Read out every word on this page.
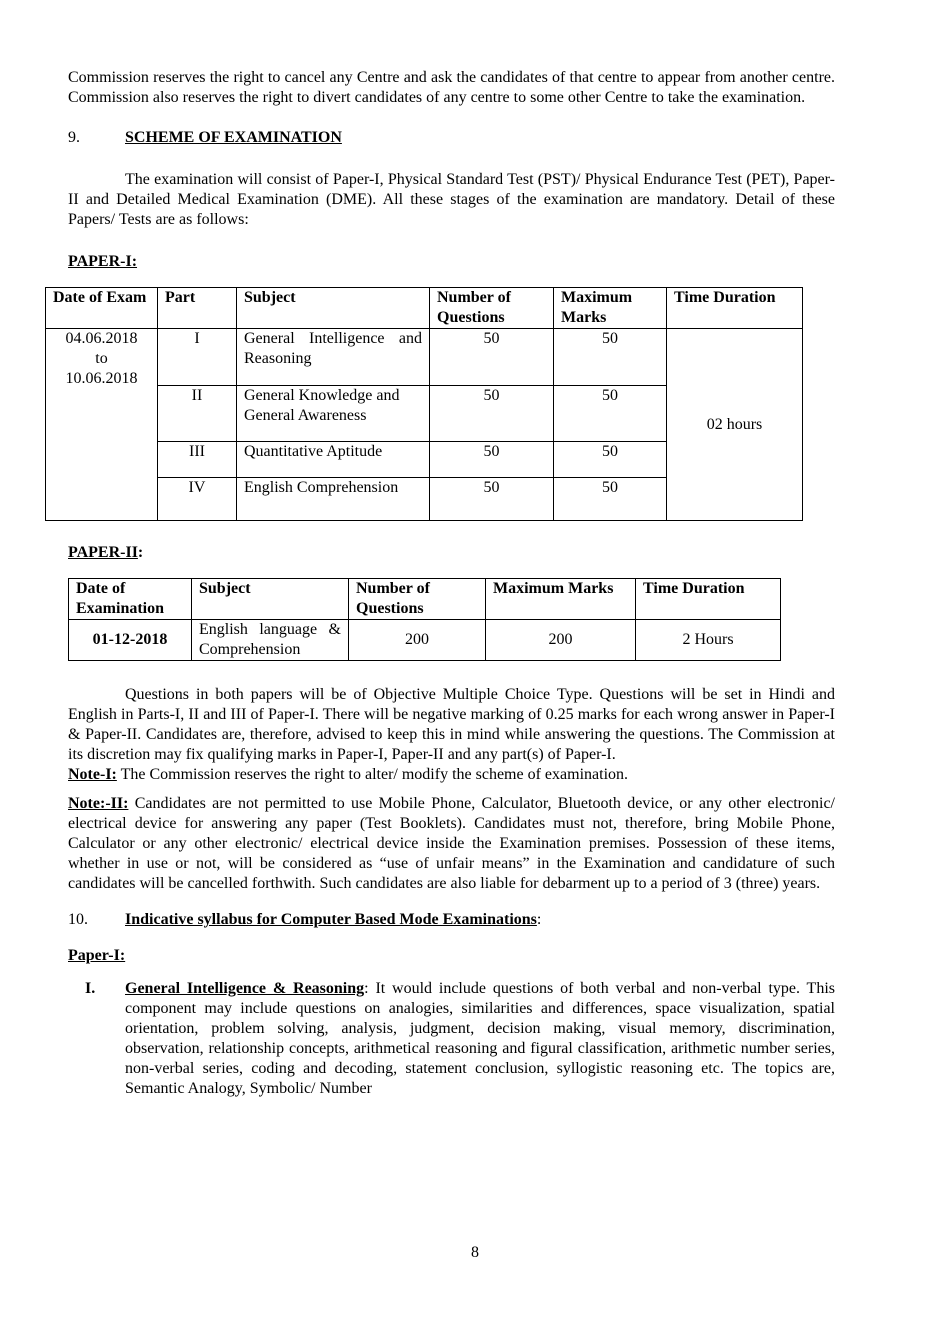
Commission reserves the right to cancel any Centre and ask the candidates of that centre to appear from another centre. Commission also reserves the right to divert candidates of any centre to some other Centre to take the examination.

9.	SCHEME OF EXAMINATION

The examination will consist of Paper-I, Physical Standard Test (PST)/ Physical Endurance Test (PET), Paper-II and Detailed Medical Examination (DME). All these stages of the examination are mandatory. Detail of these Papers/ Tests are as follows:

PAPER-I:
Date of Exam	Part	Subject	Number of Questions	Maximum Marks	Time Duration

04.06.2018
to
10.06.2018	I	General Intelligence and Reasoning	50	50	02 hours
	II	General Knowledge and General Awareness	50	50	
	III	Quantitative Aptitude	50	50	
	IV	English Comprehension	50	50	
PAPER-II:
Date of Examination	Subject	Number of Questions	Maximum Marks	Time Duration
01-12-2018	English language & Comprehension	200	200	2 Hours

Questions in both papers will be of Objective Multiple Choice Type. Questions will be set in Hindi and English in Parts-I, II and III of Paper-I. There will be negative marking of 0.25 marks for each wrong answer in Paper-I & Paper-II. Candidates are, therefore, advised to keep this in mind while answering the questions. The Commission at its discretion may fix qualifying marks in Paper-I, Paper-II and any part(s) of Paper-I.

Note-I: The Commission reserves the right to alter/ modify the scheme of examination.

Note:-II: Candidates are not permitted to use Mobile Phone, Calculator, Bluetooth device, or any other electronic/ electrical device for answering any paper (Test Booklets). Candidates must not, therefore, bring Mobile Phone, Calculator or any other electronic/ electrical device inside the Examination premises. Possession of these items, whether in use or not, will be considered as “use of unfair means” in the Examination and candidature of such candidates will be cancelled forthwith. Such candidates are also liable for debarment up to a period of 3 (three) years.

10.	Indicative syllabus for Computer Based Mode Examinations:
Paper-I:
I.	General Intelligence & Reasoning: It would include questions of both verbal and non-verbal type. This component may include questions on analogies, similarities and differences, space visualization, spatial orientation, problem solving, analysis, judgment, decision making, visual memory, discrimination, observation, relationship concepts, arithmetical reasoning and figural classification, arithmetic number series, non-verbal series, coding and decoding, statement conclusion, syllogistic reasoning etc. The topics are, Semantic Analogy, Symbolic/ Number

8
